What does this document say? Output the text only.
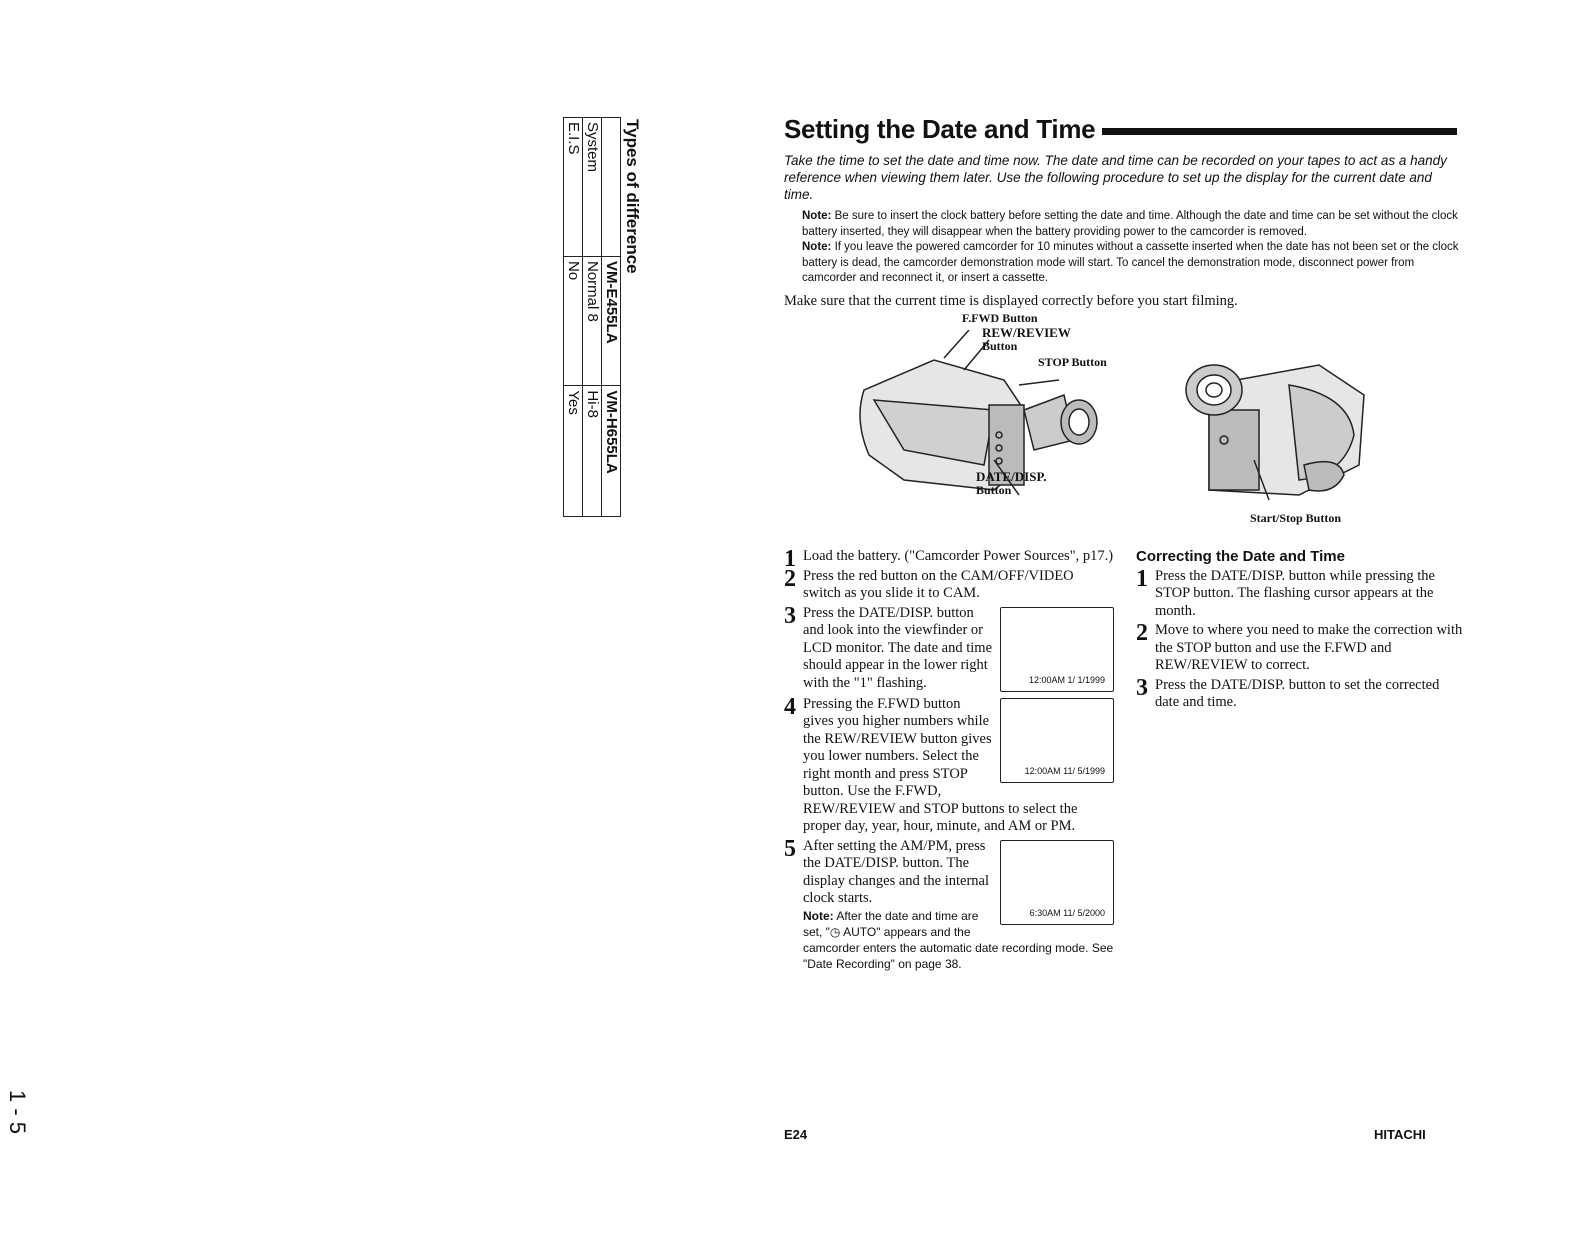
Types of difference
	VM-E455LA	VM-H655LA
System	Normal 8	Hi-8
E.I.S	No	Yes
1 - 5
Setting the Date and Time

Take the time to set the date and time now. The date and time can be recorded on your tapes to act as a handy reference when viewing them later. Use the following procedure to set up the display for the current date and time.

Note: Be sure to insert the clock battery before setting the date and time. Although the date and time can be set without the clock battery inserted, they will disappear when the battery providing power to the camcorder is removed.

Note: If you leave the powered camcorder for 10 minutes without a cassette inserted when the date has not been set or the clock battery is dead, the camcorder demonstration mode will start. To cancel the demonstration mode, disconnect power from camcorder and reconnect it, or insert a cassette.

Make sure that the current time is displayed correctly before you start filming.

F.FWD Button
REW/REVIEW
Button
STOP Button
DATE/DISP.
Button
Start/Stop Button
1 Load the battery. ("Camcorder Power Sources", p17.)
2 Press the red button on the CAM/OFF/VIDEO switch as you slide it to CAM.
3
12:00AM 1/ 1/1999
Press the DATE/DISP. button and look into the viewfinder or LCD monitor. The date and time should appear in the lower right with the "1" flashing.
4
12:00AM 11/ 5/1999
Pressing the F.FWD button gives you higher numbers while the REW/REVIEW button gives you lower numbers. Select the right month and press STOP button. Use the F.FWD, REW/REVIEW and STOP buttons to select the proper day, year, hour, minute, and AM or PM.
5
6:30AM 11/ 5/2000
After setting the AM/PM, press the DATE/DISP. button. The display changes and the internal clock starts.
Note: After the date and time are set, "◷ AUTO" appears and the camcorder enters the automatic date recording mode. See "Date Recording" on page 38.
Correcting the Date and Time
1 Press the DATE/DISP. button while pressing the STOP button. The flashing cursor appears at the month.
2 Move to where you need to make the correction with the STOP button and use the F.FWD and REW/REVIEW to correct.
3 Press the DATE/DISP. button to set the corrected date and time.
E24	HITACHI
